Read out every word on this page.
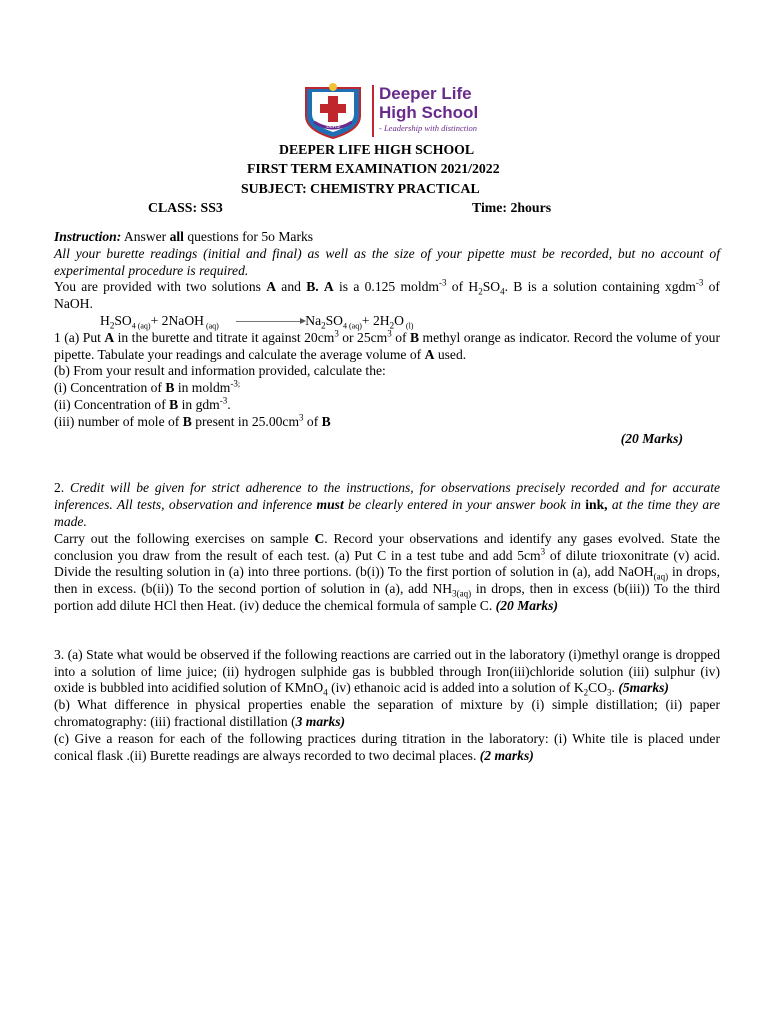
DLHS
Deeper Life
High School
- Leadership with distinction
DEEPER LIFE HIGH SCHOOL
FIRST TERM EXAMINATION 2021/2022
SUBJECT: CHEMISTRY PRACTICAL
CLASS: SS3	Time: 2hours

Instruction: Answer all questions for 5o Marks

All your burette readings (initial and final) as well as the size of your pipette must be recorded, but no account of experimental procedure is required.

You are provided with two solutions A and B. A is a 0.125 moldm$^{-3}$ of $H_2SO_4$. B is a solution containing xgdm$^{-3}$ of NaOH.

$H_2SO_4$ $_{(aq)}$+ 2NaOH $_{(aq)}$	$Na_2SO_4$ $_{(aq)}+ 2H_2O$ $_{(l)}$

1 (a) Put A in the burette and titrate it against $20cm^3$ or $25cm^3$ of B methyl orange as indicator. Record the volume of your pipette. Tabulate your readings and calculate the average volume of A used.

(b) From your result and information provided, calculate the:

(i) Concentration of B in moldm$^{-3;}$

(ii) Concentration of B in gdm$^{-3}$.

(iii) number of mole of B present in $25.00cm^3$ of B

(20 Marks)

2. Credit will be given for strict adherence to the instructions, for observations precisely recorded and for accurate inferences. All tests, observation and inference must be clearly entered in your answer book in ink, at the time they are made.

Carry out the following exercises on sample C. Record your observations and identify any gases evolved. State the conclusion you draw from the result of each test. (a) Put C in a test tube and add $5cm^3$ of dilute trioxonitrate (v) acid. Divide the resulting solution in (a) into three portions. (b(i)) To the first portion of solution in (a), add NaOH$_{(aq)}$ in drops, then in excess. (b(ii)) To the second portion of solution in (a), add $NH_{3(aq)}$ in drops, then in excess (b(iii)) To the third portion add dilute HCl then Heat. (iv) deduce the chemical formula of sample C. (20 Marks)

3. (a) State what would be observed if the following reactions are carried out in the laboratory (i)methyl orange is dropped into a solution of lime juice; (ii) hydrogen sulphide gas is bubbled through Iron(iii)chloride solution (iii) sulphur (iv) oxide is bubbled into acidified solution of KMnO$_4$ (iv) ethanoic acid is added into a solution of $K_2CO_3$. (5marks)

(b) What difference in physical properties enable the separation of mixture by (i) simple distillation; (ii) paper chromatography: (iii) fractional distillation (3 marks)

(c) Give a reason for each of the following practices during titration in the laboratory: (i) White tile is placed under conical flask .(ii) Burette readings are always recorded to two decimal places. (2 marks)
